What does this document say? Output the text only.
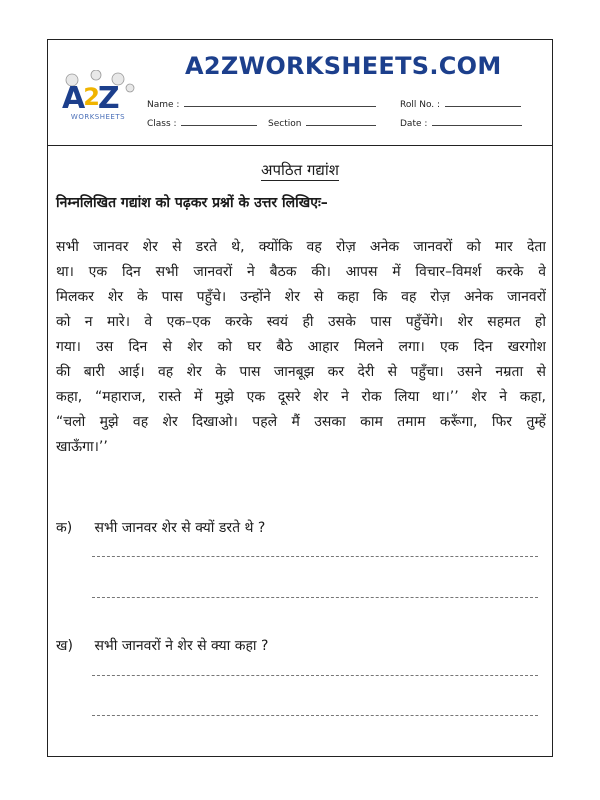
A2Z
WORKSHEETS
A2ZWORKSHEETS.COM
Name :	Roll No. :
Class :	Section	Date :
अपठित गद्यांश
निम्नलिखित गद्यांश को पढ़कर प्रश्नों के उत्तर लिखिएः–
सभी जानवर शेर से डरते थे, क्योंकि वह रोज़ अनेक जानवरों को मार देता
था। एक दिन सभी जानवरों ने बैठक की। आपस में विचार–विमर्श करके वे
मिलकर शेर के पास पहुँचे। उन्होंने शेर से कहा कि वह रोज़ अनेक जानवरों
को न मारे। वे एक–एक करके स्वयं ही उसके पास पहुँचेंगे। शेर सहमत हो
गया। उस दिन से शेर को घर बैठे आहार मिलने लगा। एक दिन खरगोश
की बारी आई। वह शेर के पास जानबूझ कर देरी से पहुँचा। उसने नम्रता से
कहा, “महाराज, रास्ते में मुझे एक दूसरे शेर ने रोक लिया था।’’ शेर ने कहा,
“चलो मुझे वह शेर दिखाओ। पहले मैं उसका काम तमाम करूँगा, फिर तुम्हें
खाऊँगा।’’
क) सभी जानवर शेर से क्यों डरते थे ?
ख) सभी जानवरों ने शेर से क्या कहा ?
